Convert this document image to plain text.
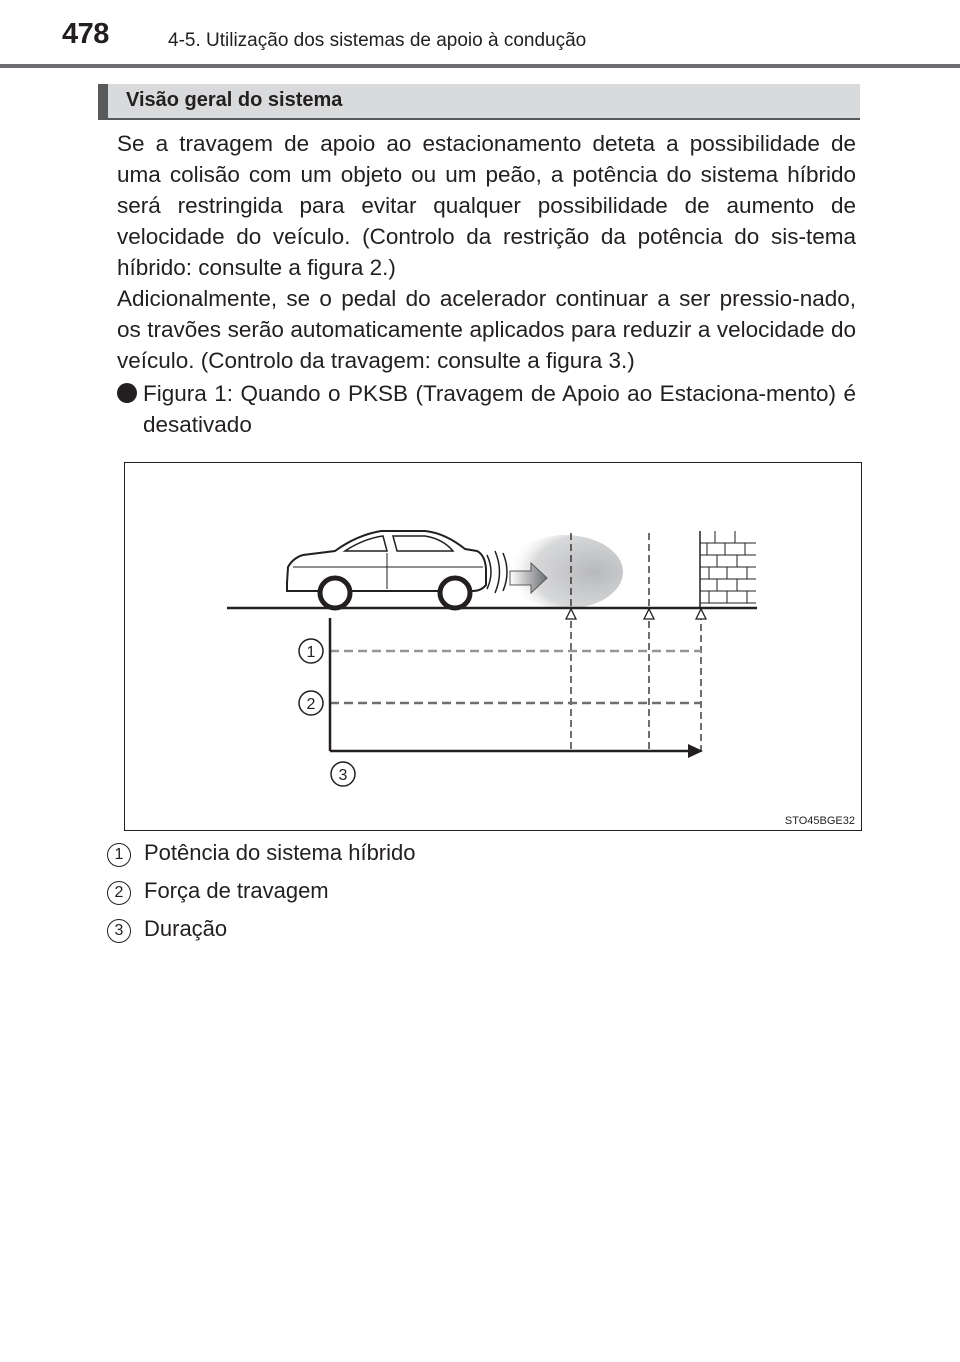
478	4-5. Utilização dos sistemas de apoio à condução
Visão geral do sistema

Se a travagem de apoio ao estacionamento deteta a possibilidade de uma colisão com um objeto ou um peão, a potência do sistema híbrido será restringida para evitar qualquer possibilidade de aumento de velocidade do veículo. (Controlo da restrição da potência do sis-tema híbrido: consulte a figura 2.)

Adicionalmente, se o pedal do acelerador continuar a ser pressio-nado, os travões serão automaticamente aplicados para reduzir a velocidade do veículo. (Controlo da travagem: consulte a figura 3.)

Figura 1: Quando o PKSB (Travagem de Apoio ao Estaciona-mento) é desativado

1
2
3
STO45BGE32
1 Potência do sistema híbrido
2 Força de travagem
3 Duração
